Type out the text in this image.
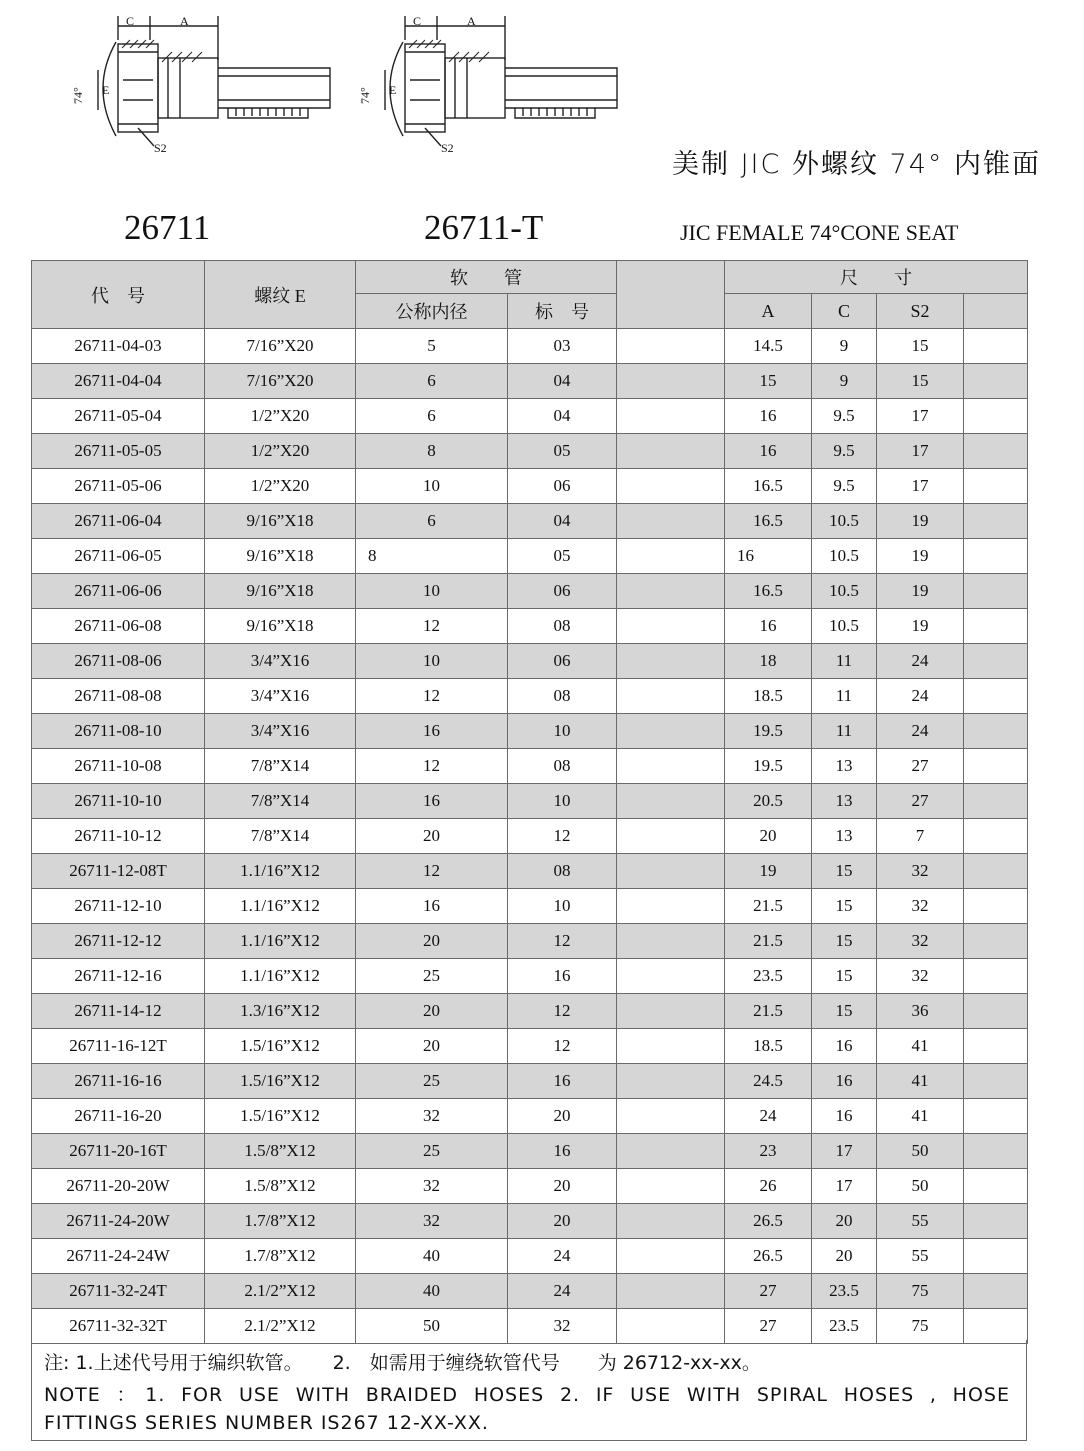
C	A
E
74°
S2
C	A
E
74°
S2
美制 JIC 外螺纹 74° 内锥面
26711	26711-T	JIC FEMALE 74°CONE SEAT
代　号	螺纹 E	软　　管			尺　　寸			
		公称内径	标　号		A	C	S2	
26711-04-03	7/16”X20	5	03		14.5	9	15	
26711-04-04	7/16”X20	6	04		15	9	15	
26711-05-04	1/2”X20	6	04		16	9.5	17	
26711-05-05	1/2”X20	8	05		16	9.5	17	
26711-05-06	1/2”X20	10	06		16.5	9.5	17	
26711-06-04	9/16”X18	6	04		16.5	10.5	19	
26711-06-05	9/16”X18	8	05		16	10.5	19	
26711-06-06	9/16”X18	10	06		16.5	10.5	19	
26711-06-08	9/16”X18	12	08		16	10.5	19	
26711-08-06	3/4”X16	10	06		18	11	24	
26711-08-08	3/4”X16	12	08		18.5	11	24	
26711-08-10	3/4”X16	16	10		19.5	11	24	
26711-10-08	7/8”X14	12	08		19.5	13	27	
26711-10-10	7/8”X14	16	10		20.5	13	27	
26711-10-12	7/8”X14	20	12		20	13	7	
26711-12-08T	1.1/16”X12	12	08		19	15	32	
26711-12-10	1.1/16”X12	16	10		21.5	15	32	
26711-12-12	1.1/16”X12	20	12		21.5	15	32	
26711-12-16	1.1/16”X12	25	16		23.5	15	32	
26711-14-12	1.3/16”X12	20	12		21.5	15	36	
26711-16-12T	1.5/16”X12	20	12		18.5	16	41	
26711-16-16	1.5/16”X12	25	16		24.5	16	41	
26711-16-20	1.5/16”X12	32	20		24	16	41	
26711-20-16T	1.5/8”X12	25	16		23	17	50	
26711-20-20W	1.5/8”X12	32	20		26	17	50	
26711-24-20W	1.7/8”X12	32	20		26.5	20	55	
26711-24-24W	1.7/8”X12	40	24		26.5	20	55	
26711-32-24T	2.1/2”X12	40	24		27	23.5	75	
26711-32-32T	2.1/2”X12	50	32		27	23.5	75	
注: 1.上述代号用于编织软管。 2.　如需用于缠绕软管代号　　为 26712-xx-xx。
NOTE ：1. FOR USE WITH BRAIDED HOSES 2. IF USE WITH SPIRAL HOSES , HOSE
FITTINGS SERIES NUMBER IS267 12-XX-XX.
